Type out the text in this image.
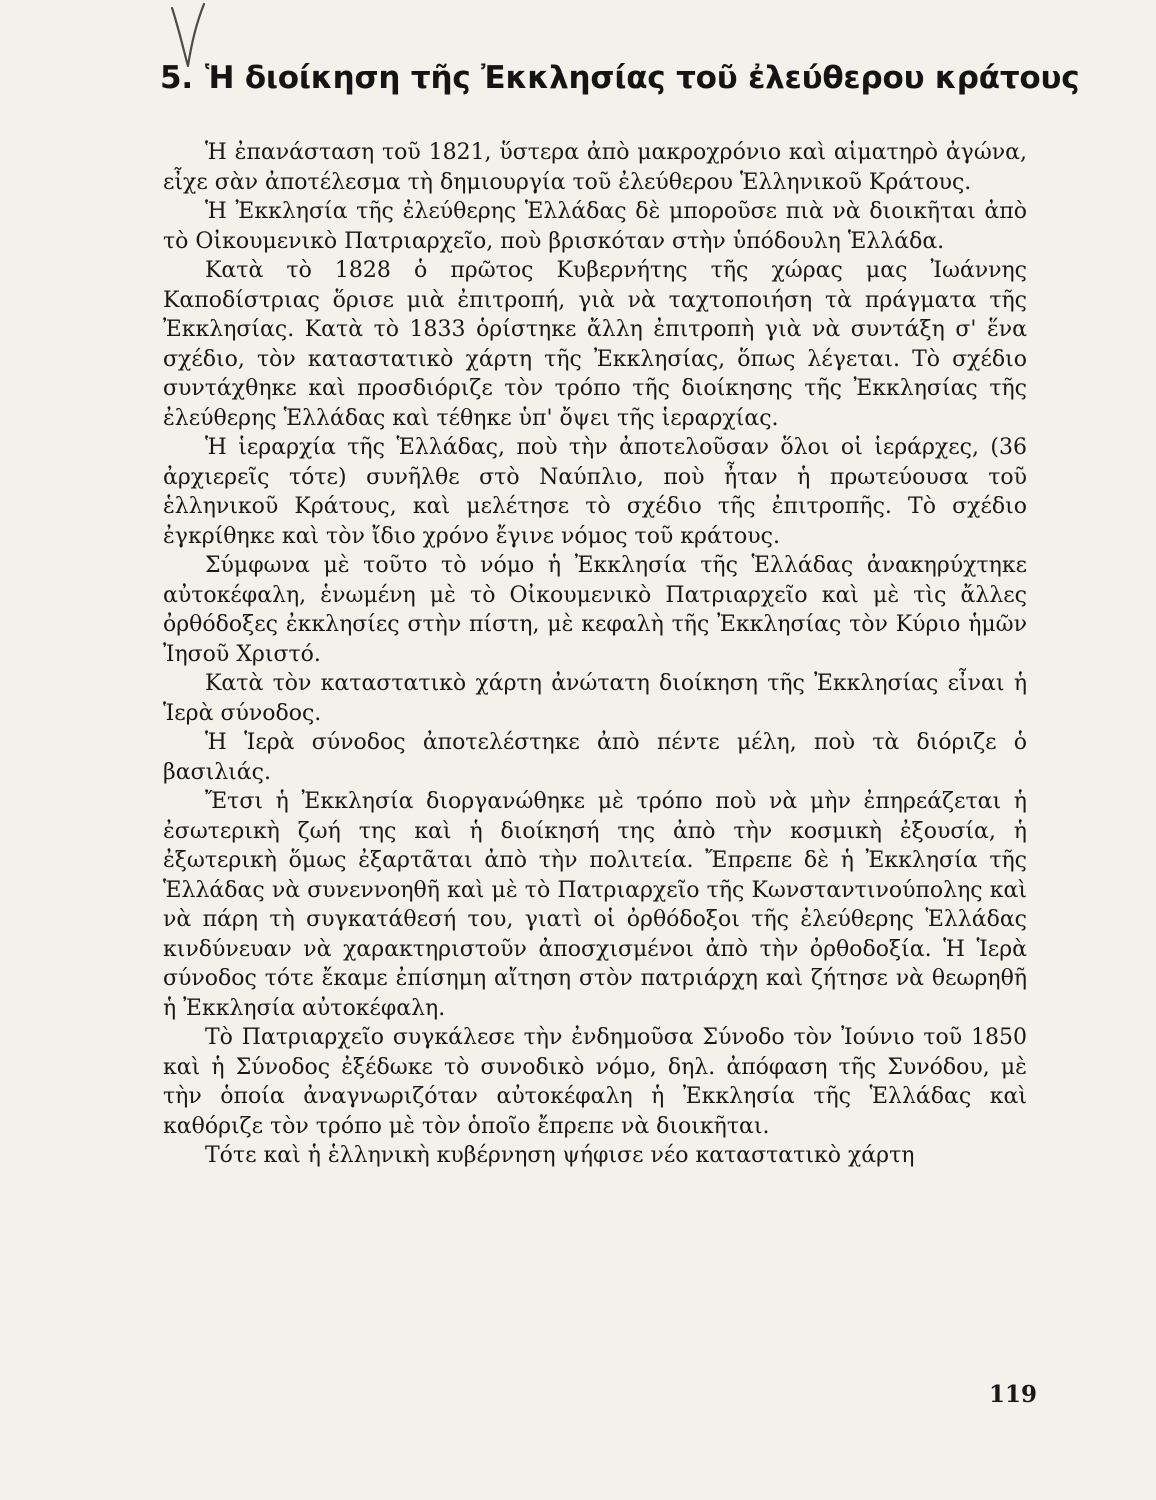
5. Ἡ διοίκηση τῆς Ἐκκλησίας τοῦ ἐλεύθερου κράτους

Ἡ ἐπανάσταση τοῦ 1821, ὕστερα ἀπὸ μακροχρόνιο καὶ αἱματηρὸ ἀγώνα, εἶχε σὰν ἀποτέλεσμα τὴ δημιουργία τοῦ ἐλεύθερου Ἑλληνικοῦ Κράτους.

Ἡ Ἐκκλησία τῆς ἐλεύθερης Ἑλλάδας δὲ μποροῦσε πιὰ νὰ διοικῆται ἀπὸ τὸ Οἰκουμενικὸ Πατριαρχεῖο, ποὺ βρισκόταν στὴν ὑπόδουλη Ἑλλάδα.

Κατὰ τὸ 1828 ὁ πρῶτος Κυβερνήτης τῆς χώρας μας Ἰωάννης Καποδίστριας ὅρισε μιὰ ἐπιτροπή, γιὰ νὰ ταχτοποιήση τὰ πράγματα τῆς Ἐκκλησίας. Κατὰ τὸ 1833 ὁρίστηκε ἄλλη ἐπιτροπὴ γιὰ νὰ συντάξη σ' ἕνα σχέδιο, τὸν καταστατικὸ χάρτη τῆς Ἐκκλησίας, ὅπως λέγεται. Τὸ σχέδιο συντάχθηκε καὶ προσδιόριζε τὸν τρόπο τῆς διοίκησης τῆς Ἐκκλησίας τῆς ἐλεύθερης Ἑλλάδας καὶ τέθηκε ὑπ' ὄψει τῆς ἱεραρχίας.

Ἡ ἱεραρχία τῆς Ἑλλάδας, ποὺ τὴν ἀποτελοῦσαν ὅλοι οἱ ἱεράρχες, (36 ἀρχιερεῖς τότε) συνῆλθε στὸ Ναύπλιο, ποὺ ἦταν ἡ πρωτεύουσα τοῦ ἑλληνικοῦ Κράτους, καὶ μελέτησε τὸ σχέδιο τῆς ἐπιτροπῆς. Τὸ σχέδιο ἐγκρίθηκε καὶ τὸν ἴδιο χρόνο ἔγινε νόμος τοῦ κράτους.

Σύμφωνα μὲ τοῦτο τὸ νόμο ἡ Ἐκκλησία τῆς Ἑλλάδας ἀνακηρύχτηκε αὐτοκέφαλη, ἑνωμένη μὲ τὸ Οἰκουμενικὸ Πατριαρχεῖο καὶ μὲ τὶς ἄλλες ὀρθόδοξες ἐκκλησίες στὴν πίστη, μὲ κεφαλὴ τῆς Ἐκκλησίας τὸν Κύριο ἡμῶν Ἰησοῦ Χριστό.

Κατὰ τὸν καταστατικὸ χάρτη ἀνώτατη διοίκηση τῆς Ἐκκλησίας εἶναι ἡ Ἱερὰ σύνοδος.

Ἡ Ἱερὰ σύνοδος ἀποτελέστηκε ἀπὸ πέντε μέλη, ποὺ τὰ διόριζε ὁ βασιλιάς.

Ἔτσι ἡ Ἐκκλησία διοργανώθηκε μὲ τρόπο ποὺ νὰ μὴν ἐπηρεάζεται ἡ ἐσωτερικὴ ζωή της καὶ ἡ διοίκησή της ἀπὸ τὴν κοσμικὴ ἐξουσία, ἡ ἐξωτερικὴ ὅμως ἐξαρτᾶται ἀπὸ τὴν πολιτεία. Ἔπρεπε δὲ ἡ Ἐκκλησία τῆς Ἑλλάδας νὰ συνεννοηθῆ καὶ μὲ τὸ Πατριαρχεῖο τῆς Κωνσταντινούπολης καὶ νὰ πάρη τὴ συγκατάθεσή του, γιατὶ οἱ ὀρθόδοξοι τῆς ἐλεύθερης Ἑλλάδας κινδύνευαν νὰ χαρακτηριστοῦν ἀποσχισμένοι ἀπὸ τὴν ὀρθοδοξία. Ἡ Ἱερὰ σύνοδος τότε ἔκαμε ἐπίσημη αἴτηση στὸν πατριάρχη καὶ ζήτησε νὰ θεωρηθῆ ἡ Ἐκκλησία αὐτοκέφαλη.

Τὸ Πατριαρχεῖο συγκάλεσε τὴν ἐνδημοῦσα Σύνοδο τὸν Ἰούνιο τοῦ 1850 καὶ ἡ Σύνοδος ἐξέδωκε τὸ συνοδικὸ νόμο, δηλ. ἀπόφαση τῆς Συνόδου, μὲ τὴν ὁποία ἀναγνωριζόταν αὐτοκέφαλη ἡ Ἐκκλησία τῆς Ἑλλάδας καὶ καθόριζε τὸν τρόπο μὲ τὸν ὁποῖο ἔπρεπε νὰ διοικῆται.

Τότε καὶ ἡ ἑλληνικὴ κυβέρνηση ψήφισε νέο καταστατικὸ χάρτη

119
